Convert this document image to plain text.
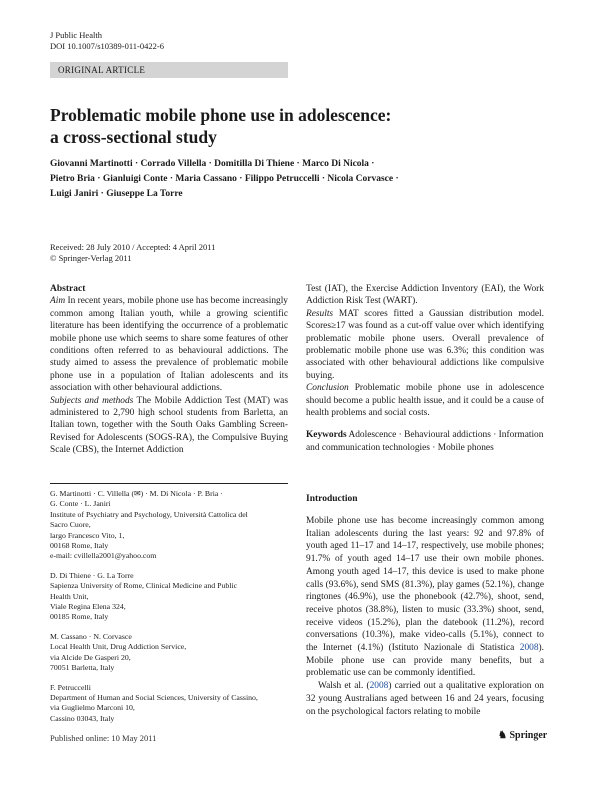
J Public Health
DOI 10.1007/s10389-011-0422-6
ORIGINAL ARTICLE
Problematic mobile phone use in adolescence:
a cross-sectional study
Giovanni Martinotti · Corrado Villella · Domitilla Di Thiene · Marco Di Nicola ·
Pietro Bria · Gianluigi Conte · Maria Cassano · Filippo Petruccelli · Nicola Corvasce ·
Luigi Janiri · Giuseppe La Torre
Received: 28 July 2010 / Accepted: 4 April 2011
© Springer-Verlag 2011
Abstract
Aim In recent years, mobile phone use has become increasingly common among Italian youth, while a growing scientific literature has been identifying the occurrence of a problematic mobile phone use which seems to share some features of other conditions often referred to as behavioural addictions. The study aimed to assess the prevalence of problematic mobile phone use in a population of Italian adolescents and its association with other behavioural addictions.
Subjects and methods The Mobile Addiction Test (MAT) was administered to 2,790 high school students from Barletta, an Italian town, together with the South Oaks Gambling Screen-Revised for Adolescents (SOGS-RA), the Compulsive Buying Scale (CBS), the Internet Addiction
Test (IAT), the Exercise Addiction Inventory (EAI), the Work Addiction Risk Test (WART).
Results MAT scores fitted a Gaussian distribution model. Scores≥17 was found as a cut-off value over which identifying problematic mobile phone users. Overall prevalence of problematic mobile phone use was 6.3%; this condition was associated with other behavioural addictions like compulsive buying.
Conclusion Problematic mobile phone use in adolescence should become a public health issue, and it could be a cause of health problems and social costs.
Keywords Adolescence · Behavioural addictions · Information and communication technologies · Mobile phones

G. Martinotti · C. Villella (✉) · M. Di Nicola · P. Bria ·
G. Conte · L. Janiri
Institute of Psychiatry and Psychology, Università Cattolica del
Sacro Cuore,
largo Francesco Vito, 1,
00168 Rome, Italy
e-mail: cvillella2001@yahoo.com

D. Di Thiene · G. La Torre
Sapienza University of Rome, Clinical Medicine and Public
Health Unit,
Viale Regina Elena 324,
00185 Rome, Italy

M. Cassano · N. Corvasce
Local Health Unit, Drug Addiction Service,
via Alcide De Gasperi 20,
70051 Barletta, Italy

F. Petruccelli
Department of Human and Social Sciences, University of Cassino,
via Guglielmo Marconi 10,
Cassino 03043, Italy

Introduction

Mobile phone use has become increasingly common among Italian adolescents during the last years: 92 and 97.8% of youth aged 11–17 and 14–17, respectively, use mobile phones; 91.7% of youth aged 14–17 use their own mobile phones. Among youth aged 14–17, this device is used to make phone calls (93.6%), send SMS (81.3%), play games (52.1%), change ringtones (46.9%), use the phonebook (42.7%), shoot, send, receive photos (38.8%), listen to music (33.3%) shoot, send, receive videos (15.2%), plan the datebook (11.2%), record conversations (10.3%), make video-calls (5.1%), connect to the Internet (4.1%) (Istituto Nazionale di Statistica 2008). Mobile phone use can provide many benefits, but a problematic use can be commonly identified.

Walsh et al. (2008) carried out a qualitative exploration on 32 young Australians aged between 16 and 24 years, focusing on the psychological factors relating to mobile

Published online: 10 May 2011	♞ Springer
